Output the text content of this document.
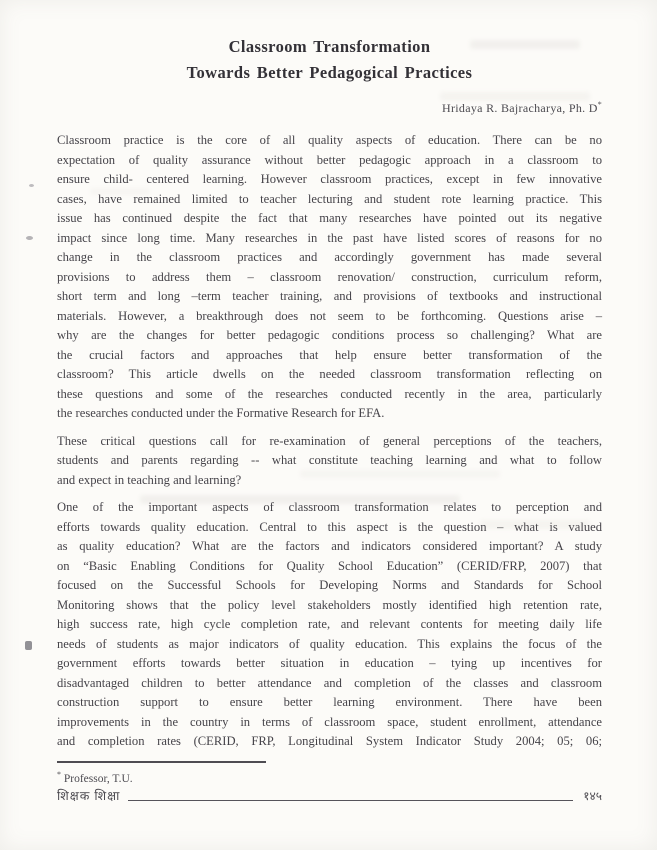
Classroom Transformation
Towards Better Pedagogical Practices
Hridaya R. Bajracharya, Ph. D*
Classroom practice is the core of all quality aspects of education. There can be no
expectation of quality assurance without better pedagogic approach in a classroom to
ensure child- centered learning. However classroom practices, except in few innovative
cases, have remained limited to teacher lecturing and student rote learning practice. This
issue has continued despite the fact that many researches have pointed out its negative
impact since long time. Many researches in the past have listed scores of reasons for no
change in the classroom practices and accordingly government has made several
provisions to address them – classroom renovation/ construction, curriculum reform,
short term and long –term teacher training, and provisions of textbooks and instructional
materials. However, a breakthrough does not seem to be forthcoming. Questions arise –
why are the changes for better pedagogic conditions process so challenging? What are
the crucial factors and approaches that help ensure better transformation of the
classroom? This article dwells on the needed classroom transformation reflecting on
these questions and some of the researches conducted recently in the area, particularly
the researches conducted under the Formative Research for EFA.
These critical questions call for re-examination of general perceptions of the teachers,
students and parents regarding -- what constitute teaching learning and what to follow
and expect in teaching and learning?
One of the important aspects of classroom transformation relates to perception and
efforts towards quality education. Central to this aspect is the question – what is valued
as quality education? What are the factors and indicators considered important? A study
on “Basic Enabling Conditions for Quality School Education” (CERID/FRP, 2007) that
focused on the Successful Schools for Developing Norms and Standards for School
Monitoring shows that the policy level stakeholders mostly identified high retention rate,
high success rate, high cycle completion rate, and relevant contents for meeting daily life
needs of students as major indicators of quality education. This explains the focus of the
government efforts towards better situation in education – tying up incentives for
disadvantaged children to better attendance and completion of the classes and classroom
construction support to ensure better learning environment. There have been
improvements in the country in terms of classroom space, student enrollment, attendance
and completion rates (CERID, FRP, Longitudinal System Indicator Study 2004; 05; 06;
* Professor, T.U.
शिक्षक शिक्षा	१४५
